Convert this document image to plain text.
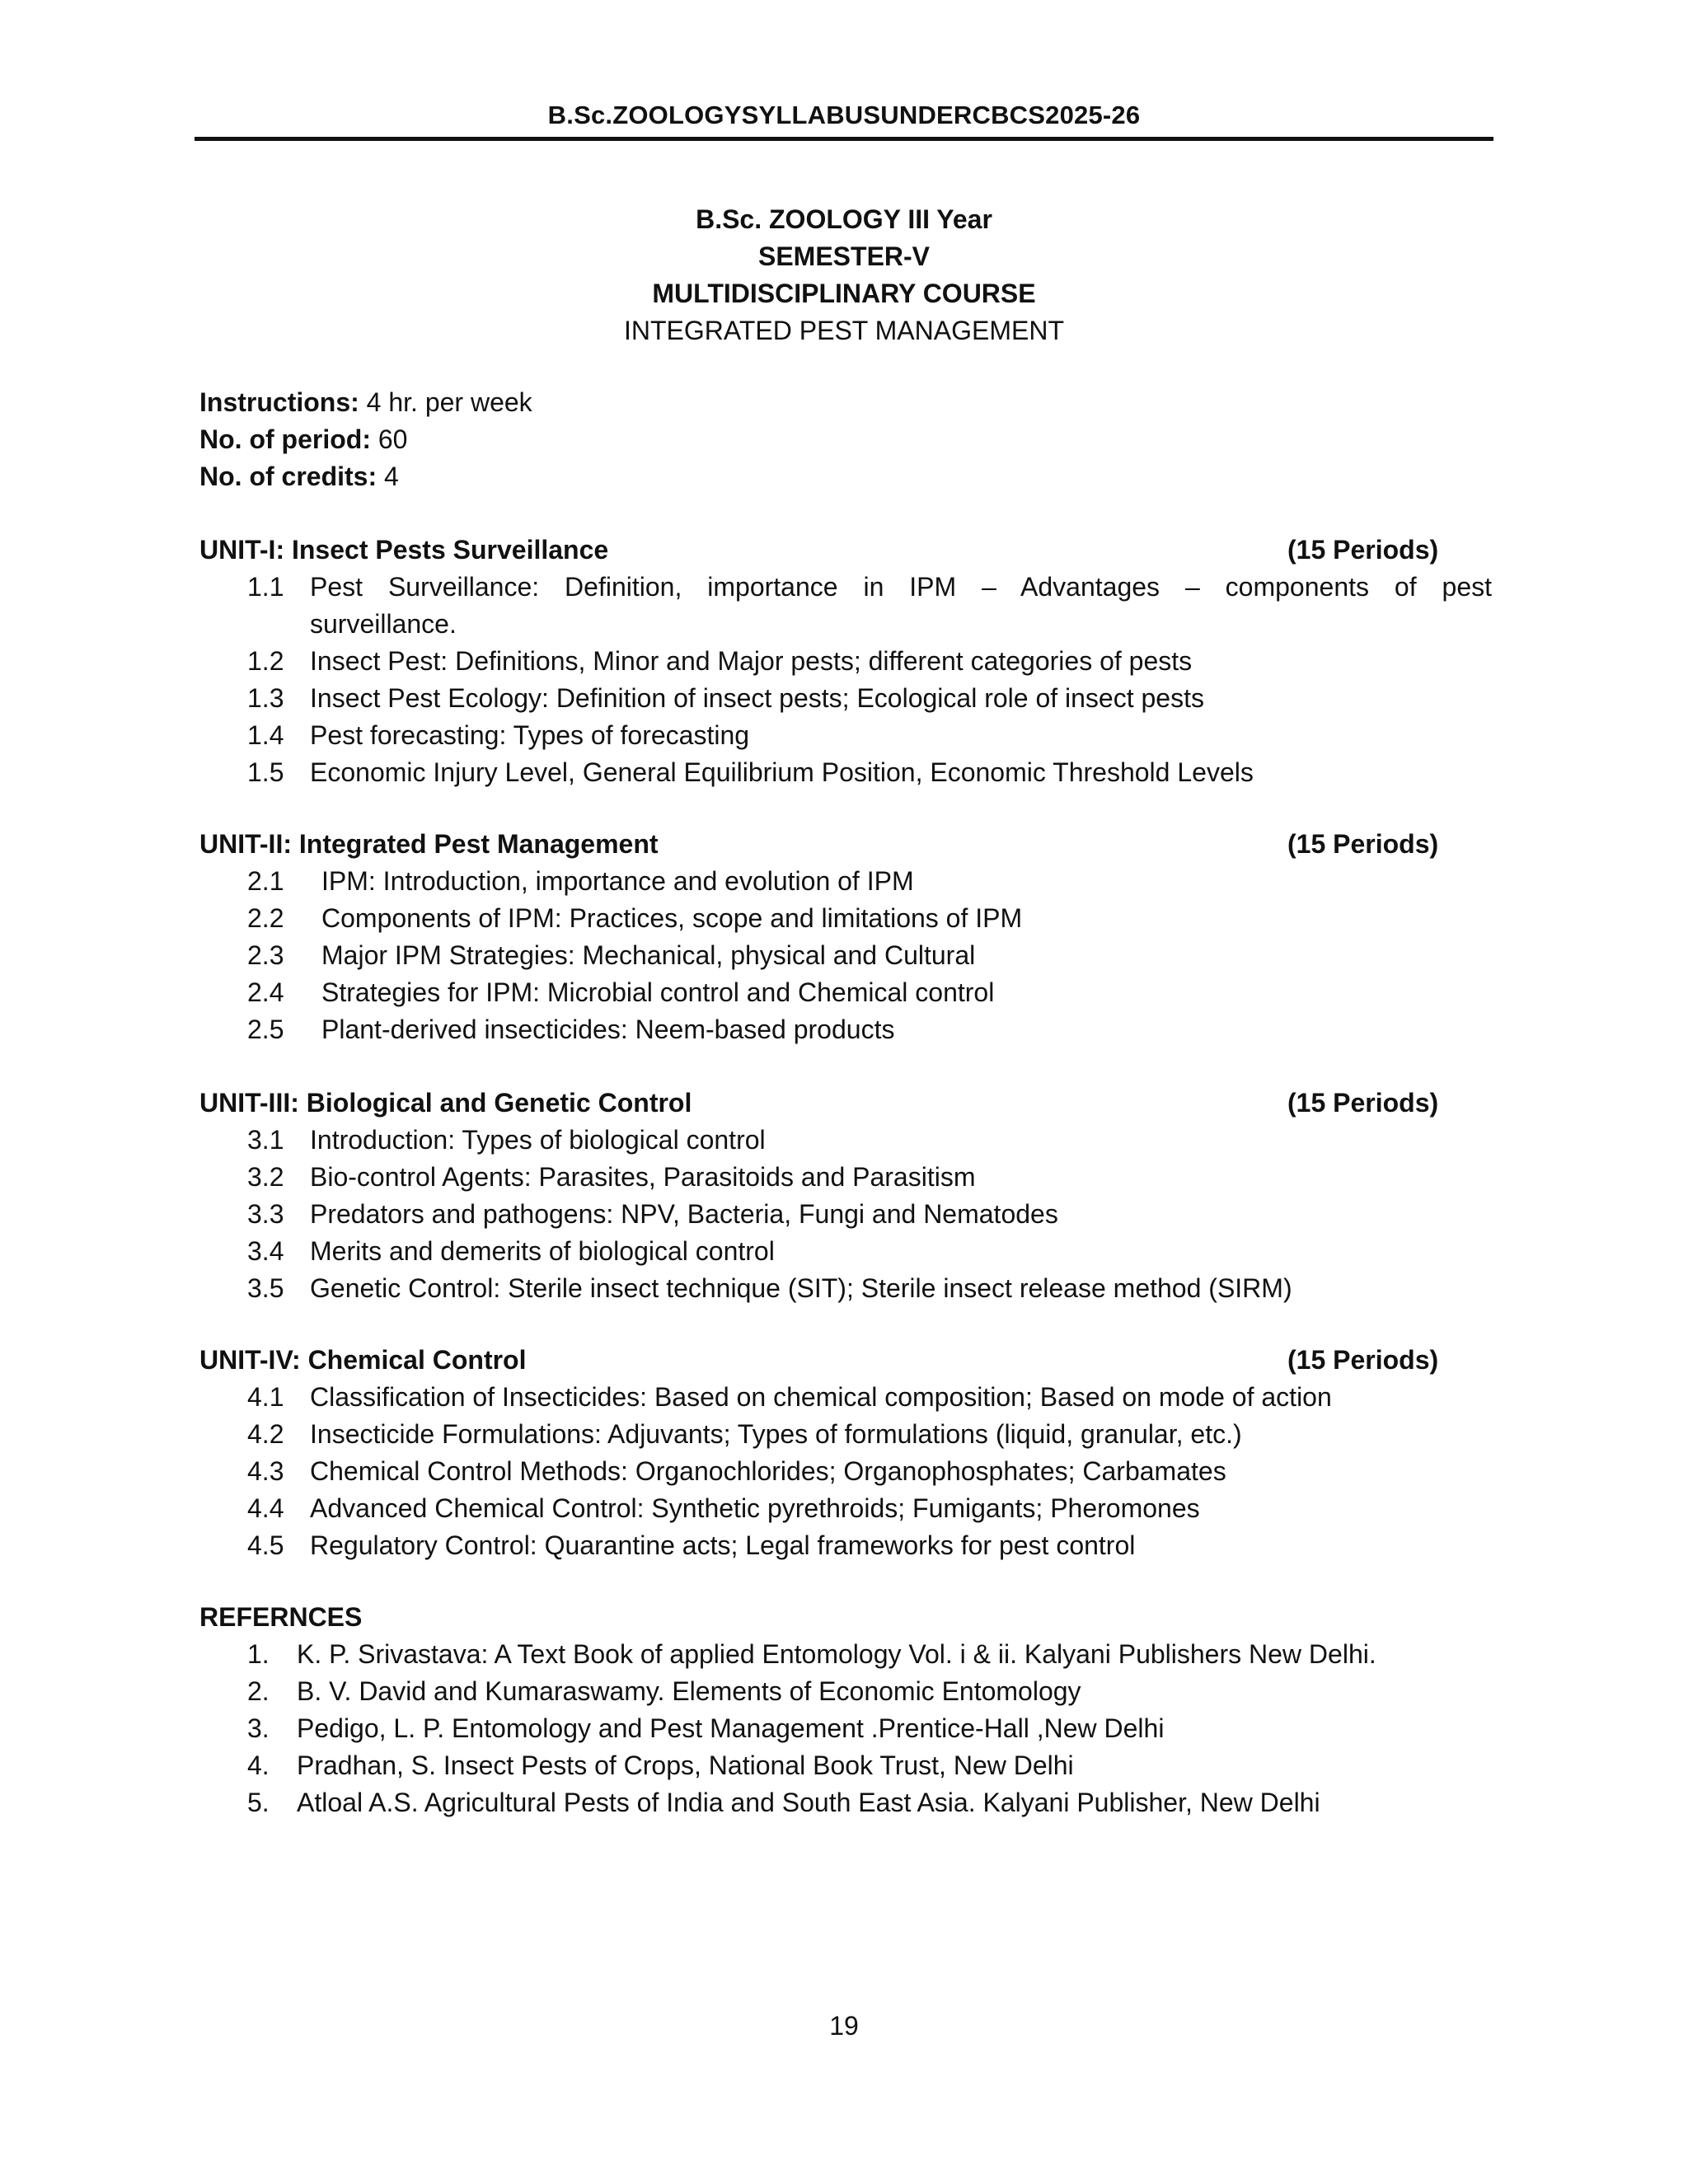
B.Sc.ZOOLOGYSYLLABUSUNDERCBCS2025-26
B.Sc. ZOOLOGY III Year
SEMESTER-V
MULTIDISCIPLINARY COURSE
INTEGRATED PEST MANAGEMENT
Instructions: 4 hr. per week
No. of period: 60
No. of credits: 4
UNIT-I: Insect Pests Surveillance	(15 Periods)
1.1 Pest Surveillance: Definition, importance in IPM – Advantages – components of pest
surveillance.
1.2 Insect Pest: Definitions, Minor and Major pests; different categories of pests
1.3 Insect Pest Ecology: Definition of insect pests; Ecological role of insect pests
1.4 Pest forecasting: Types of forecasting
1.5 Economic Injury Level, General Equilibrium Position, Economic Threshold Levels
UNIT-II: Integrated Pest Management	(15 Periods)
2.1 IPM: Introduction, importance and evolution of IPM
2.2 Components of IPM: Practices, scope and limitations of IPM
2.3 Major IPM Strategies: Mechanical, physical and Cultural
2.4 Strategies for IPM: Microbial control and Chemical control
2.5 Plant-derived insecticides: Neem-based products
UNIT-III: Biological and Genetic Control	(15 Periods)
3.1 Introduction: Types of biological control
3.2 Bio-control Agents: Parasites, Parasitoids and Parasitism
3.3 Predators and pathogens: NPV, Bacteria, Fungi and Nematodes
3.4 Merits and demerits of biological control
3.5 Genetic Control: Sterile insect technique (SIT); Sterile insect release method (SIRM)
UNIT-IV: Chemical Control	(15 Periods)
4.1 Classification of Insecticides: Based on chemical composition; Based on mode of action
4.2 Insecticide Formulations: Adjuvants; Types of formulations (liquid, granular, etc.)
4.3 Chemical Control Methods: Organochlorides; Organophosphates; Carbamates
4.4 Advanced Chemical Control: Synthetic pyrethroids; Fumigants; Pheromones
4.5 Regulatory Control: Quarantine acts; Legal frameworks for pest control
REFERNCES
1. K. P. Srivastava: A Text Book of applied Entomology Vol. i & ii. Kalyani Publishers New Delhi.
2. B. V. David and Kumaraswamy. Elements of Economic Entomology
3. Pedigo, L. P. Entomology and Pest Management .Prentice-Hall ,New Delhi
4. Pradhan, S. Insect Pests of Crops, National Book Trust, New Delhi
5. Atloal A.S. Agricultural Pests of India and South East Asia. Kalyani Publisher, New Delhi
19
